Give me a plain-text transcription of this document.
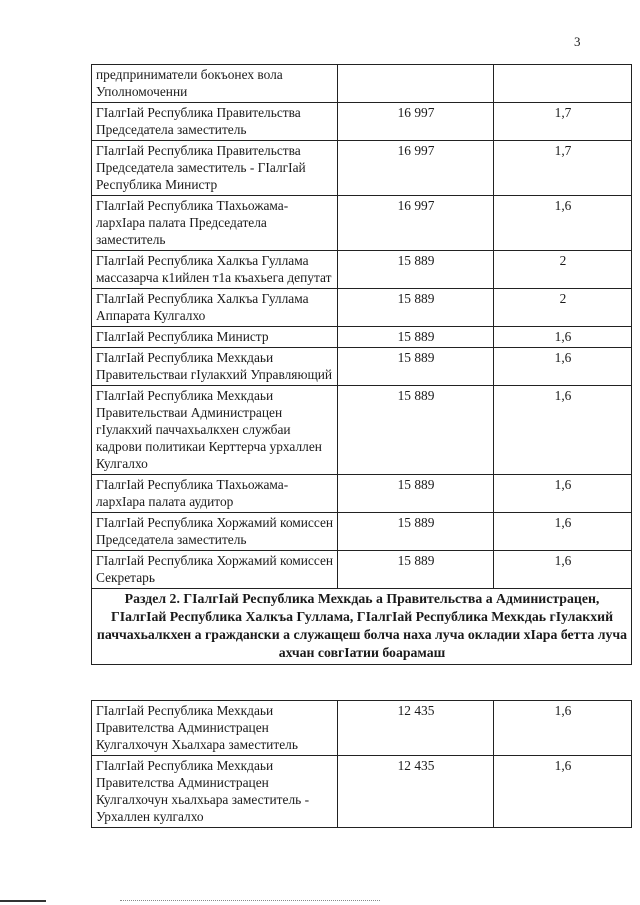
3
предприниматели бокъонех вола Уполномоченни		
ГIалгIай Республика Правительства Председателa заместитель	16 997	1,7
ГIалгIай Республика Правительства Председателa заместитель - ГIалгIай Республика Министр	16 997	1,7
ГIалгIай Республика ТIахьожама-лархIара палата Председателa заместитель	16 997	1,6
ГIалгIай Республика Халкъа Гуллама массазарча к1ийлен т1а къахьега депутат	15 889	2
ГIалгIай Республика Халкъа Гуллама Аппарата Кулгалхо	15 889	2
ГIалгIай Республика Министр	15 889	1,6
ГIалгIай Республика Мехкдаьи Правительстваи гIулакхий Управляющий	15 889	1,6
ГIалгIай Республика Мехкдаьи Правительстваи Администрацен гIулакхий паччахьалкхен службаи кадрови политикаи Керттерча урхаллен Кулгалхо	15 889	1,6
ГIалгIай Республика ТIахьожама-лархIара палата аудитор	15 889	1,6
ГIалгIай Республика Хоржамий комиссен Председателa заместитель	15 889	1,6
ГIалгIай Республика Хоржамий комиссен Секретарь	15 889	1,6
Раздел 2. ГIалгIай Республика Мехкдаь а Правительства а Администрацен, ГIалгIай Республика Халкъа Гуллама, ГIалгIай Республика Мехкдаь гIулакхий паччахьалкхен а граждански а служащеш болча наха луча окладии хIара бетта луча ахчан совгIатии боарамаш		

ГIалгIай Республика Мехкдаьи Правителства Администрацен Кулгалхочун Хьалхара заместитель	12 435	1,6
ГIалгIай Республика Мехкдаьи Правителства Администрацен Кулгалхочун хьалхьара заместитель - Урхаллен кулгалхо	12 435	1,6
